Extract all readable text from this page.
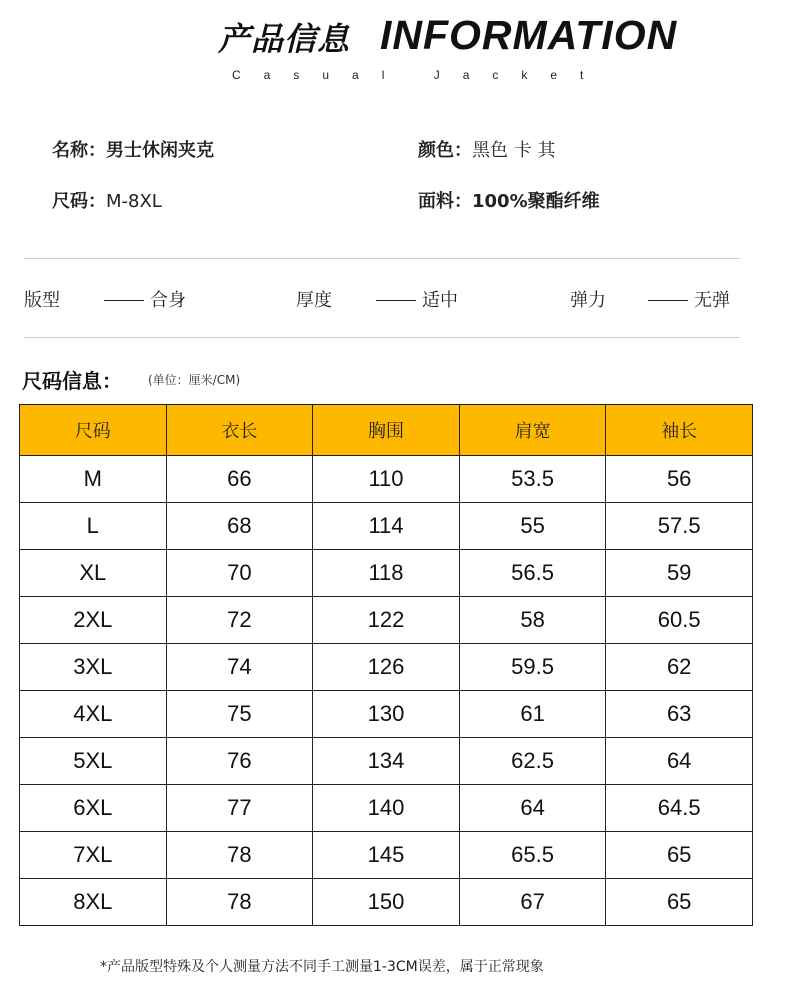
产品信息 INFORMATION
Casual Jacket
名称：男士休闲夹克	颜色：黑色 卡 其
尺码：M-8XL	面料：100%聚酯纤维
版型	合身	厚度	适中	弹力	无弹
尺码信息： (单位：厘米/CM)
尺码	衣长	胸围	肩宽	袖长
M	66	110	53.5	56
L	68	114	55	57.5
XL	70	118	56.5	59
2XL	72	122	58	60.5
3XL	74	126	59.5	62
4XL	75	130	61	63
5XL	76	134	62.5	64
6XL	77	140	64	64.5
7XL	78	145	65.5	65
8XL	78	150	67	65
*产品版型特殊及个人测量方法不同手工测量1-3CM误差，属于正常现象
